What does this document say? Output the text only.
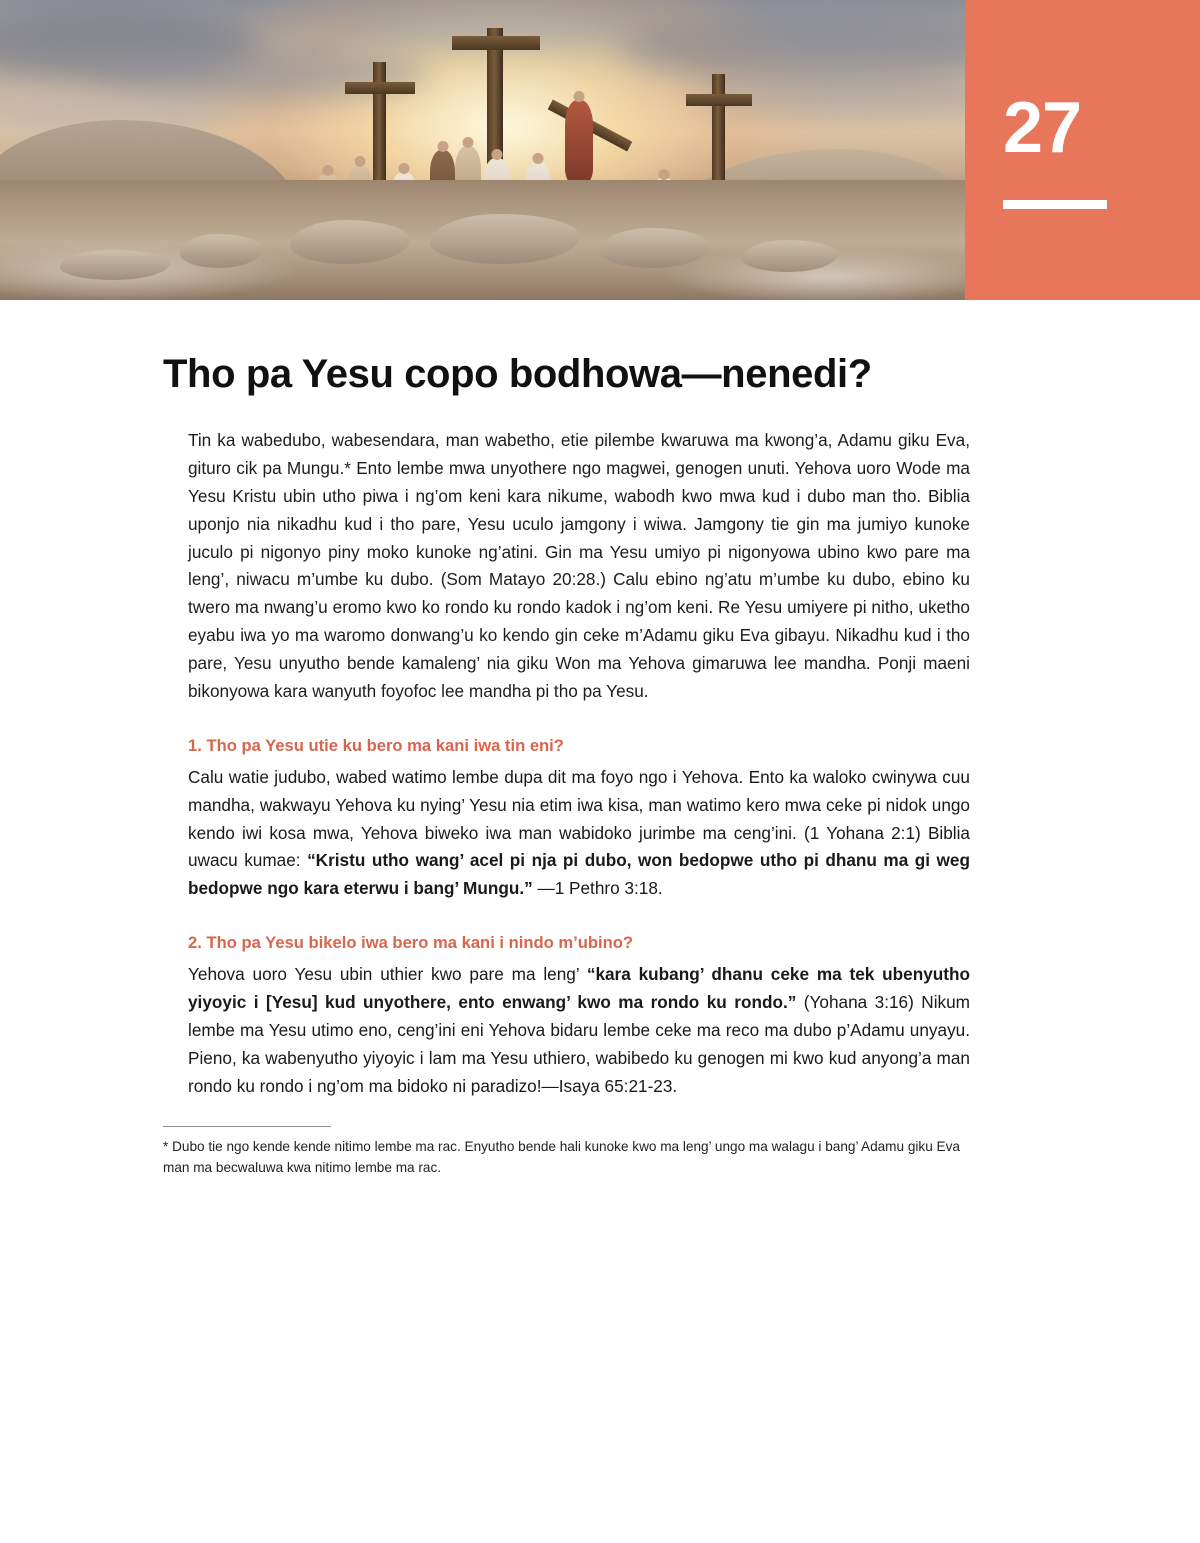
27
Tho pa Yesu copo bodhowa—nenedi?

Tin ka wabedubo, wabesendara, man wabetho, etie pilembe kwaruwa ma kwong’a, Adamu giku Eva, gituro cik pa Mungu.* Ento lembe mwa unyothere ngo magwei, genogen unuti. Yehova uoro Wode ma Yesu Kristu ubin utho piwa i ng’om keni kara nikume, wabodh kwo mwa kud i dubo man tho. Biblia uponjo nia nikadhu kud i tho pare, Yesu uculo jamgony i wiwa. Jamgony tie gin ma jumiyo kunoke juculo pi nigonyo piny moko kunoke ng’atini. Gin ma Yesu umiyo pi nigonyowa ubino kwo pare ma leng’, niwacu m’umbe ku dubo. (Som Matayo 20:28.) Calu ebino ng’atu m’umbe ku dubo, ebino ku twero ma nwang’u eromo kwo ko rondo ku rondo kadok i ng’om keni. Re Yesu umiyere pi nitho, uketho eyabu iwa yo ma waromo donwang’u ko kendo gin ceke m’Adamu giku Eva gibayu. Nikadhu kud i tho pare, Yesu unyutho bende kamaleng’ nia giku Won ma Yehova gimaruwa lee mandha. Ponji maeni bikonyowa kara wanyuth foyofoc lee mandha pi tho pa Yesu.

1. Tho pa Yesu utie ku bero ma kani iwa tin eni?

Calu watie judubo, wabed watimo lembe dupa dit ma foyo ngo i Yehova. Ento ka waloko cwinywa cuu mandha, wakwayu Yehova ku nying’ Yesu nia etim iwa kisa, man watimo kero mwa ceke pi nidok ungo kendo iwi kosa mwa, Yehova biweko iwa man wabidoko jurimbe ma ceng’ini. (1 Yohana 2:1) Biblia uwacu kumae: “Kristu utho wang’ acel pi nja pi dubo, won bedopwe utho pi dhanu ma gi weg bedopwe ngo kara eterwu i bang’ Mungu.” —1 Pethro 3:18.

2. Tho pa Yesu bikelo iwa bero ma kani i nindo m’ubino?

Yehova uoro Yesu ubin uthier kwo pare ma leng’ “kara kubang’ dhanu ceke ma tek ubenyutho yiyoyic i [Yesu] kud unyothere, ento enwang’ kwo ma rondo ku rondo.” (Yohana 3:16) Nikum lembe ma Yesu utimo eno, ceng’ini eni Yehova bidaru lembe ceke ma reco ma dubo p’Adamu unyayu. Pieno, ka wabenyutho yiyoyic i lam ma Yesu uthiero, wabibedo ku genogen mi kwo kud anyong’a man rondo ku rondo i ng’om ma bidoko ni paradizo!—Isaya 65:21-23.

* Dubo tie ngo kende kende nitimo lembe ma rac. Enyutho bende hali kunoke kwo ma leng’ ungo ma walagu i bang’ Adamu giku Eva man ma becwaluwa kwa nitimo lembe ma rac.
